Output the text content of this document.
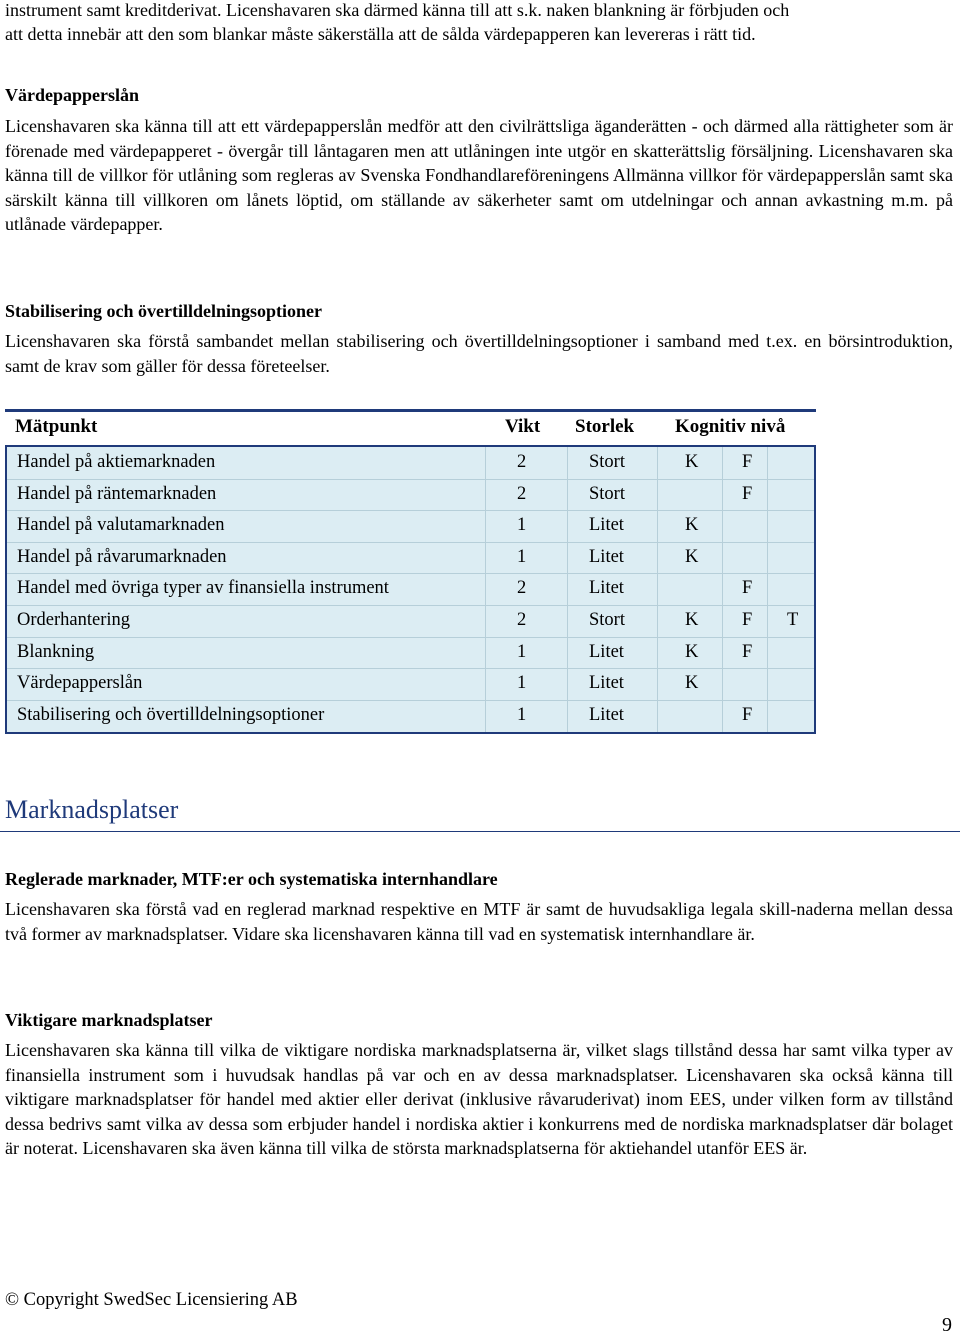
instrument samt kreditderivat. Licenshavaren ska därmed känna till att s.k. naken blankning är förbjuden och

att detta innebär att den som blankar måste säkerställa att de sålda värdepapperen kan levereras i rätt tid.

Värdepapperslån

Licenshavaren ska känna till att ett värdepapperslån medför att den civilrättsliga äganderätten - och därmed alla rättigheter som är förenade med värdepapperet - övergår till låntagaren men att utlåningen inte utgör en skatterättslig försäljning. Licenshavaren ska känna till de villkor för utlåning som regleras av Svenska Fondhandlareföreningens Allmänna villkor för värdepapperslån samt ska särskilt känna till villkoren om lånets löptid, om ställande av säkerheter samt om utdelningar och annan avkastning m.m. på utlånade värdepapper.

Stabilisering och övertilldelningsoptioner

Licenshavaren ska förstå sambandet mellan stabilisering och övertilldelningsoptioner i samband med t.ex. en börsintroduktion, samt de krav som gäller för dessa företeelser.

Mätpunkt	Vikt Storlek Kognitiv nivå
Handel på aktiemarknaden	2	Stort	K F
Handel på räntemarknaden	2	Stort	F
Handel på valutamarknaden	1	Litet	K
Handel på råvarumarknaden	1	Litet	K
Handel med övriga typer av finansiella instrument	2	Litet	F
Orderhantering	2	Stort	K F T
Blankning	1	Litet	K F
Värdepapperslån	1	Litet	K
Stabilisering och övertilldelningsoptioner	1	Litet	F
Marknadsplatser
Reglerade marknader, MTF:er och systematiska internhandlare

Licenshavaren ska förstå vad en reglerad marknad respektive en MTF är samt de huvudsakliga legala skill-naderna mellan dessa två former av marknadsplatser. Vidare ska licenshavaren känna till vad en systematisk internhandlare är.

Viktigare marknadsplatser

Licenshavaren ska känna till vilka de viktigare nordiska marknadsplatserna är, vilket slags tillstånd dessa har samt vilka typer av finansiella instrument som i huvudsak handlas på var och en av dessa marknadsplatser. Licenshavaren ska också känna till viktigare marknadsplatser för handel med aktier eller derivat (inklusive råvaruderivat) inom EES, under vilken form av tillstånd dessa bedrivs samt vilka av dessa som erbjuder handel i nordiska aktier i konkurrens med de nordiska marknadsplatser där bolaget är noterat. Licenshavaren ska även känna till vilka de största marknadsplatserna för aktiehandel utanför EES är.

© Copyright SwedSec Licensiering AB
9
